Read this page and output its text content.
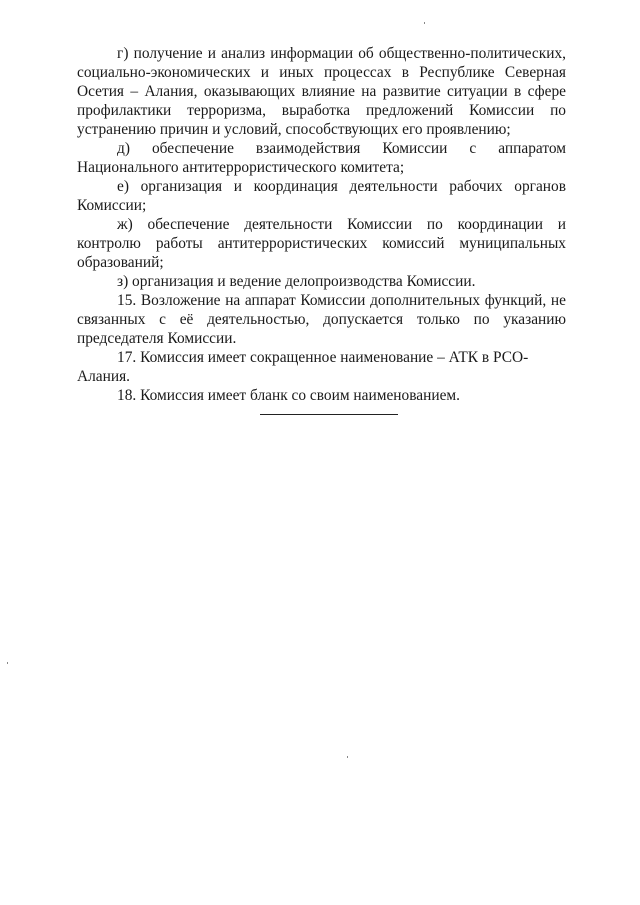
г) получение и анализ информации об общественно-политических, социально-экономических и иных процессах в Республике Северная Осетия – Алания, оказывающих влияние на развитие ситуации в сфере профилактики терроризма, выработка предложений Комиссии по устранению причин и условий, способствующих его проявлению;

д) обеспечение взаимодействия Комиссии с аппаратом Национального антитеррористического комитета;

е) организация и координация деятельности рабочих органов Комиссии;

ж) обеспечение деятельности Комиссии по координации и контролю работы антитеррористических комиссий муниципальных образований;

з) организация и ведение делопроизводства Комиссии.

15. Возложение на аппарат Комиссии дополнительных функций, не связанных с её деятельностью, допускается только по указанию председателя Комиссии.

17. Комиссия имеет сокращенное наименование – АТК в РСО-Алания.

18. Комиссия имеет бланк со своим наименованием.
